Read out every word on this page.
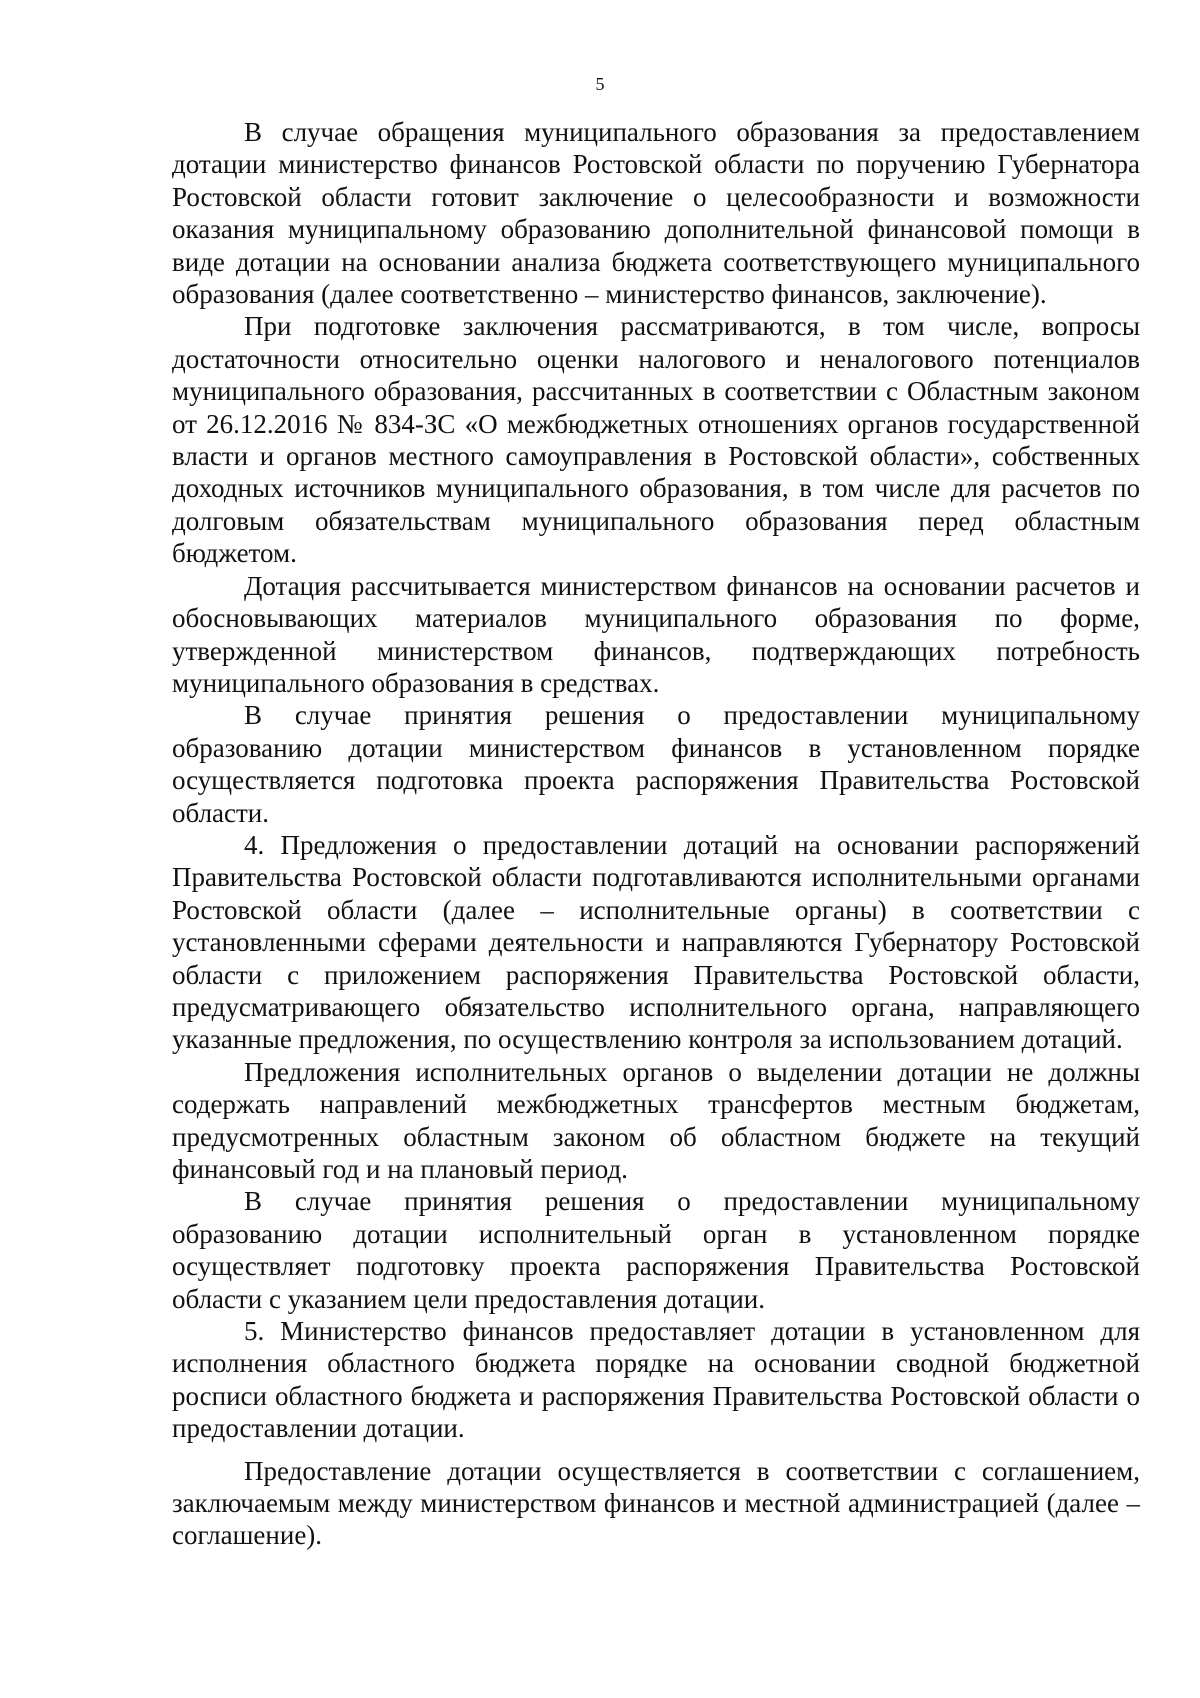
5

В случае обращения муниципального образования за предоставлением дотации министерство финансов Ростовской области по поручению Губернатора Ростовской области готовит заключение о целесообразности и возможности оказания муниципальному образованию дополнительной финансовой помощи в виде дотации на основании анализа бюджета соответствующего муниципального образования (далее соответственно – министерство финансов, заключение).

При подготовке заключения рассматриваются, в том числе, вопросы достаточности относительно оценки налогового и неналогового потенциалов муниципального образования, рассчитанных в соответствии с Областным законом от 26.12.2016 № 834-ЗС «О межбюджетных отношениях органов государственной власти и органов местного самоуправления в Ростовской области», собственных доходных источников муниципального образования, в том числе для расчетов по долговым обязательствам муниципального образования перед областным бюджетом.

Дотация рассчитывается министерством финансов на основании расчетов и обосновывающих материалов муниципального образования по форме, утвержденной министерством финансов, подтверждающих потребность муниципального образования в средствах.

В случае принятия решения о предоставлении муниципальному образованию дотации министерством финансов в установленном порядке осуществляется подготовка проекта распоряжения Правительства Ростовской области.

4. Предложения о предоставлении дотаций на основании распоряжений Правительства Ростовской области подготавливаются исполнительными органами Ростовской области (далее – исполнительные органы) в соответствии с установленными сферами деятельности и направляются Губернатору Ростовской области с приложением распоряжения Правительства Ростовской области, предусматривающего обязательство исполнительного органа, направляющего указанные предложения, по осуществлению контроля за использованием дотаций.

Предложения исполнительных органов о выделении дотации не должны содержать направлений межбюджетных трансфертов местным бюджетам, предусмотренных областным законом об областном бюджете на текущий финансовый год и на плановый период.

В случае принятия решения о предоставлении муниципальному образованию дотации исполнительный орган в установленном порядке осуществляет подготовку проекта распоряжения Правительства Ростовской области с указанием цели предоставления дотации.

5. Министерство финансов предоставляет дотации в установленном для исполнения областного бюджета порядке на основании сводной бюджетной росписи областного бюджета и распоряжения Правительства Ростовской области о предоставлении дотации.

Предоставление дотации осуществляется в соответствии с соглашением, заключаемым между министерством финансов и местной администрацией (далее – соглашение).
